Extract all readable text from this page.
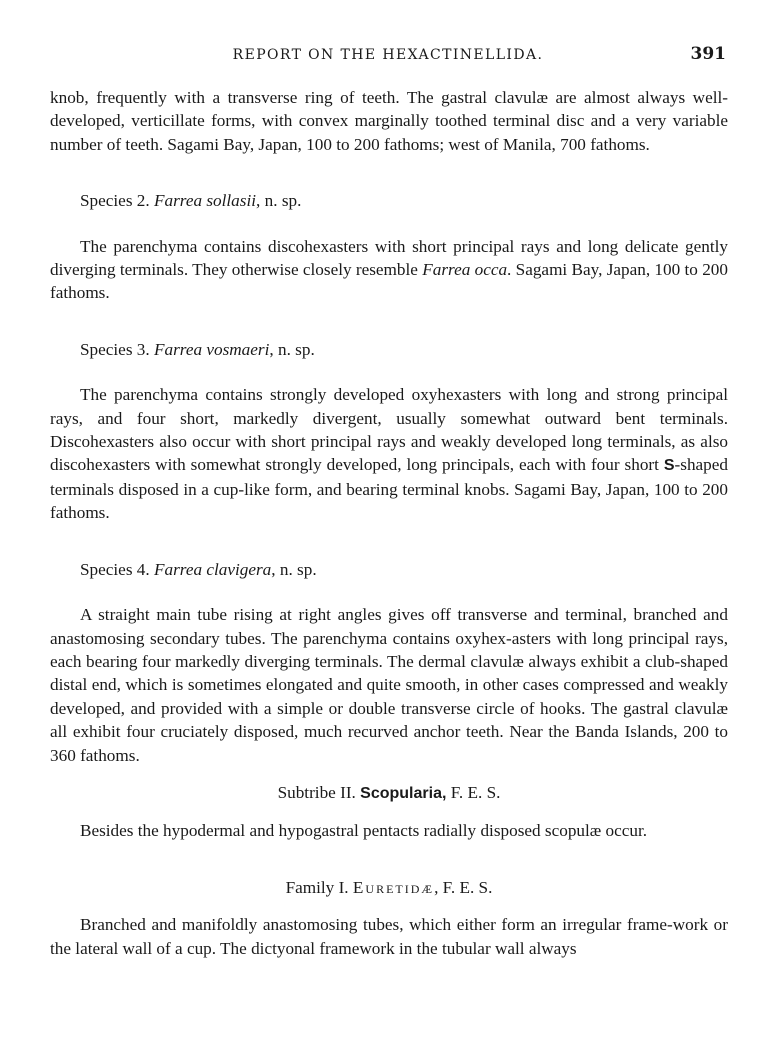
REPORT ON THE HEXACTINELLIDA.	391

knob, frequently with a transverse ring of teeth. The gastral clavulæ are almost always well-developed, verticillate forms, with convex marginally toothed terminal disc and a very variable number of teeth. Sagami Bay, Japan, 100 to 200 fathoms; west of Manila, 700 fathoms.

Species 2. Farrea sollasii, n. sp.

The parenchyma contains discohexasters with short principal rays and long delicate gently diverging terminals. They otherwise closely resemble Farrea occa. Sagami Bay, Japan, 100 to 200 fathoms.

Species 3. Farrea vosmaeri, n. sp.

The parenchyma contains strongly developed oxyhexasters with long and strong principal rays, and four short, markedly divergent, usually somewhat outward bent terminals. Discohexasters also occur with short principal rays and weakly developed long terminals, as also discohexasters with somewhat strongly developed, long principals, each with four short S-shaped terminals disposed in a cup-like form, and bearing terminal knobs. Sagami Bay, Japan, 100 to 200 fathoms.

Species 4. Farrea clavigera, n. sp.

A straight main tube rising at right angles gives off transverse and terminal, branched and anastomosing secondary tubes. The parenchyma contains oxyhex-asters with long principal rays, each bearing four markedly diverging terminals. The dermal clavulæ always exhibit a club-shaped distal end, which is sometimes elongated and quite smooth, in other cases compressed and weakly developed, and provided with a simple or double transverse circle of hooks. The gastral clavulæ all exhibit four cruciately disposed, much recurved anchor teeth. Near the Banda Islands, 200 to 360 fathoms.

Subtribe II. Scopularia, F. E. S.

Besides the hypodermal and hypogastral pentacts radially disposed scopulæ occur.

Family I. Euretidæ, F. E. S.

Branched and manifoldly anastomosing tubes, which either form an irregular frame-work or the lateral wall of a cup. The dictyonal framework in the tubular wall always
